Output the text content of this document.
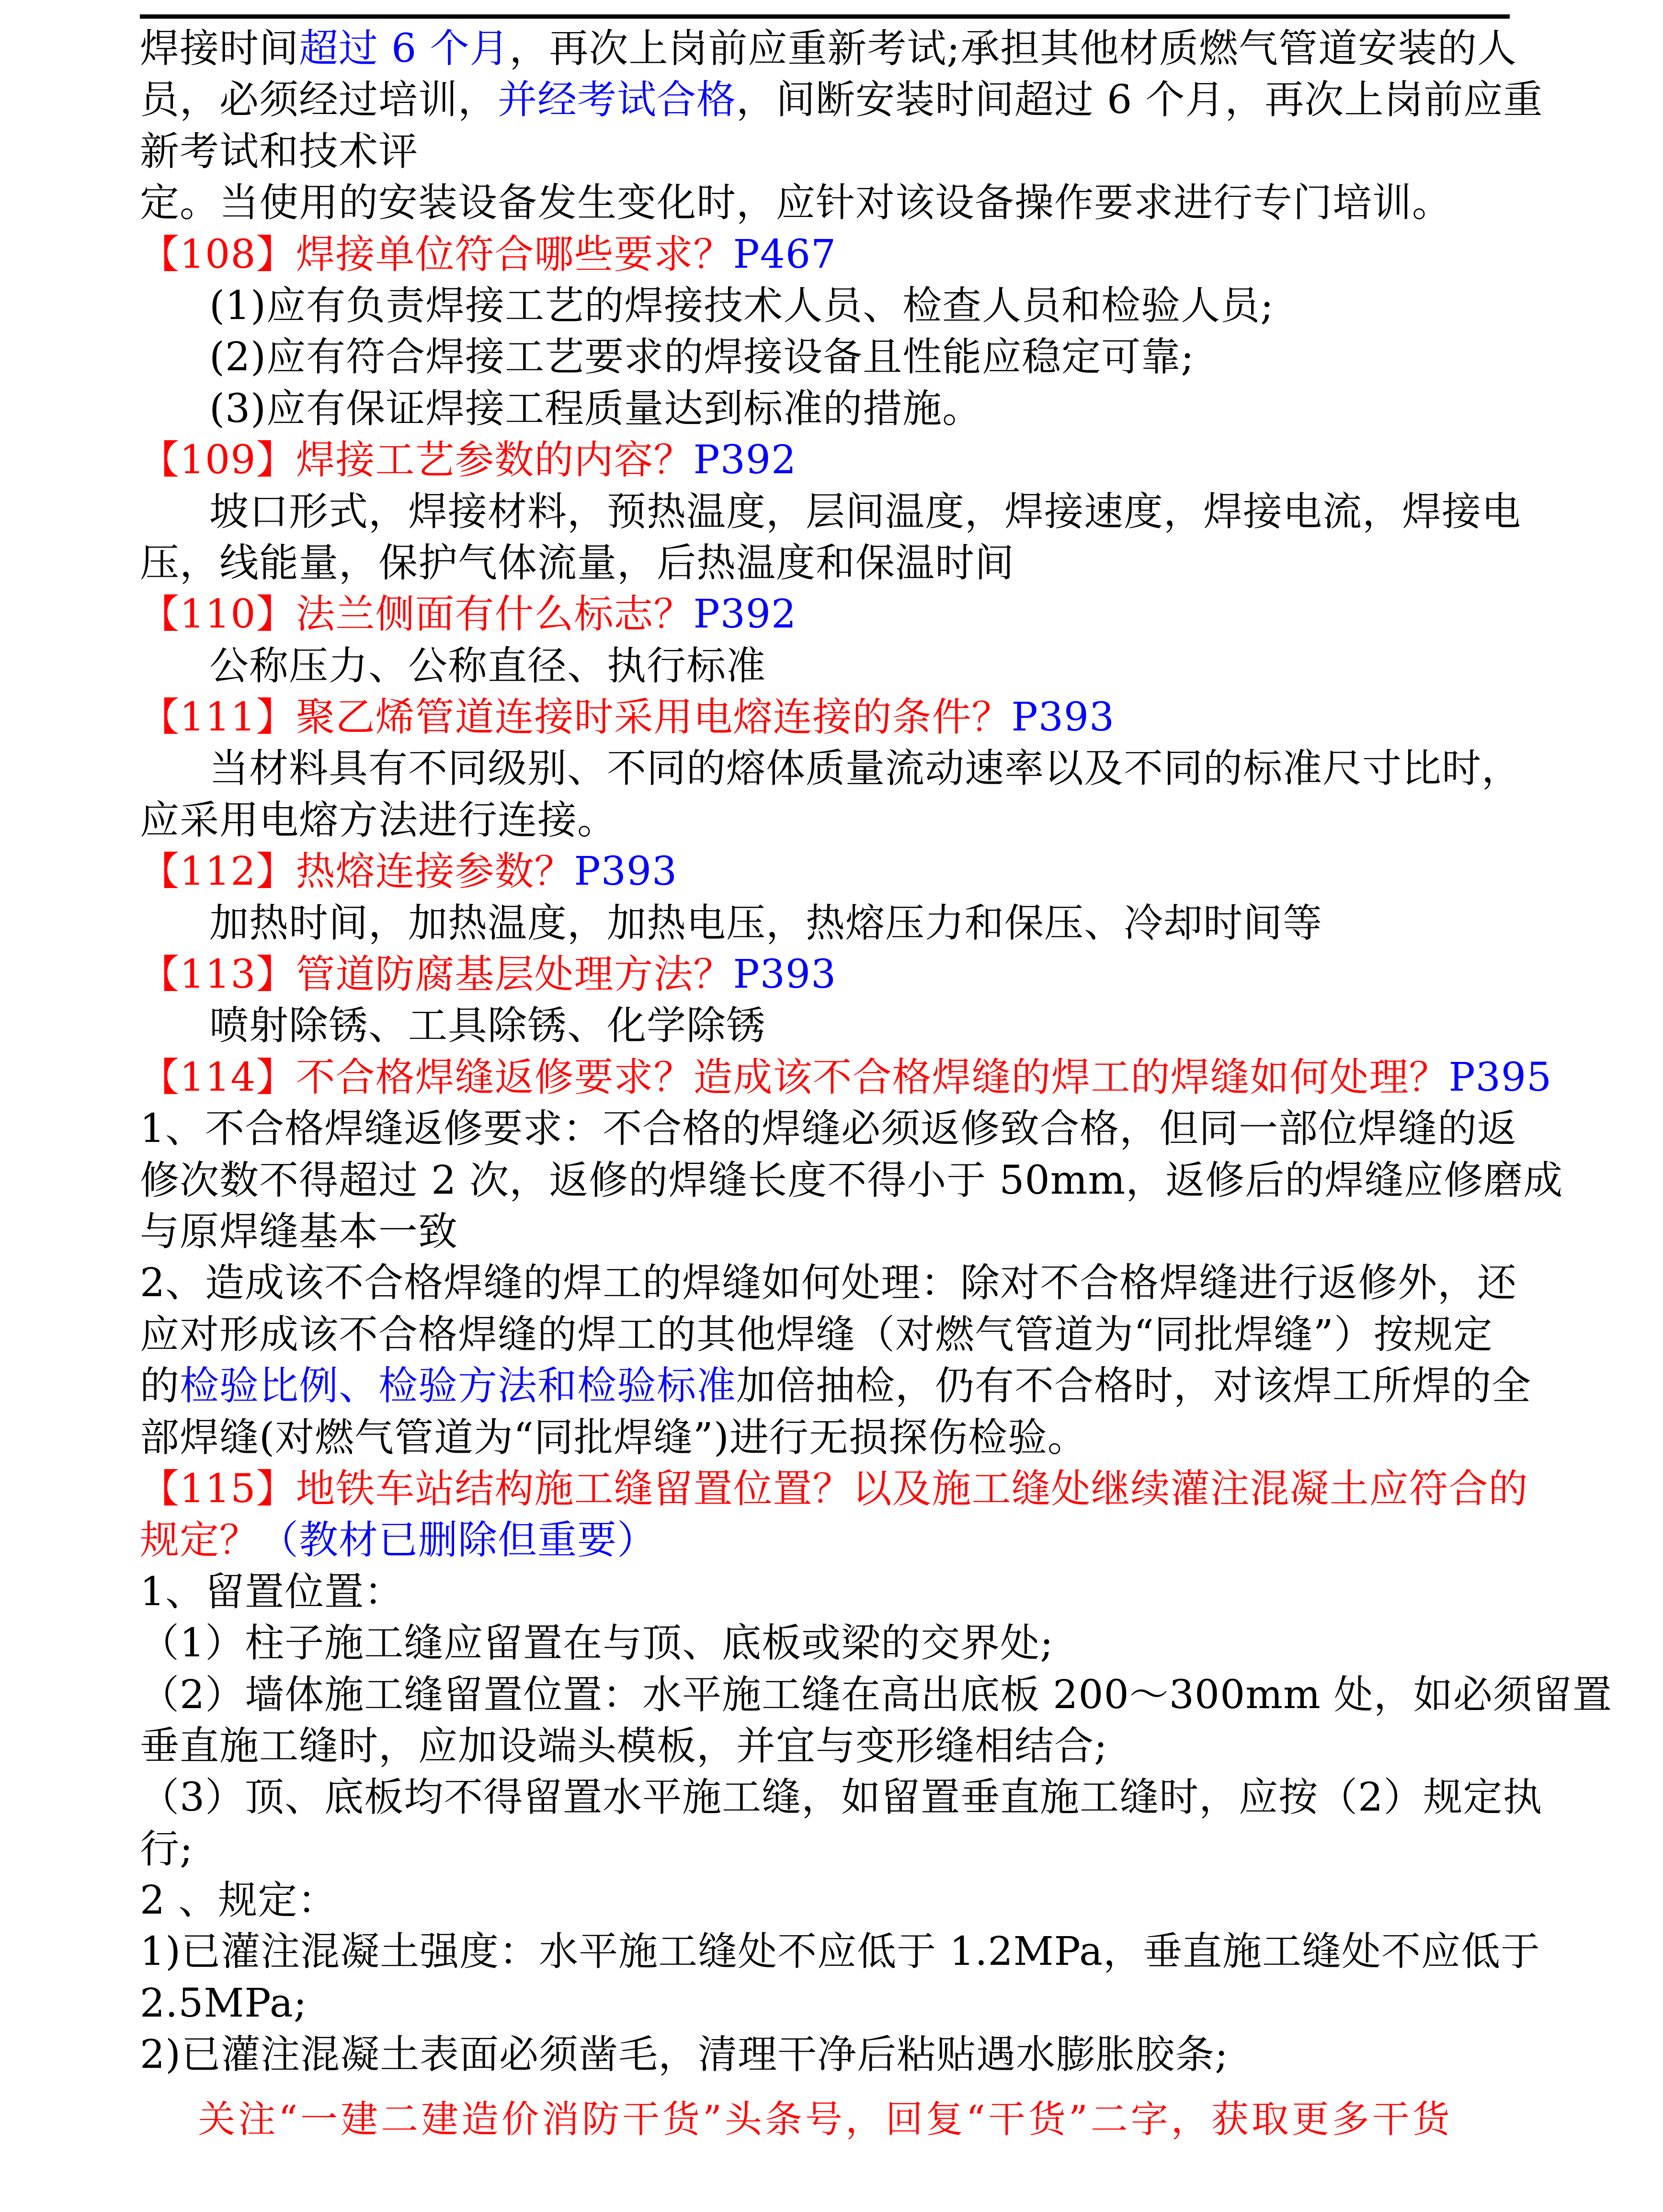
焊接时间超过 6 个月，再次上岗前应重新考试;承担其他材质燃气管道安装的人
员，必须经过培训，并经考试合格，间断安装时间超过 6 个月，再次上岗前应重
新考试和技术评
定。当使用的安装设备发生变化时，应针对该设备操作要求进行专门培训。
【108】焊接单位符合哪些要求？P467
(1)应有负责焊接工艺的焊接技术人员、检查人员和检验人员;
(2)应有符合焊接工艺要求的焊接设备且性能应稳定可靠;
(3)应有保证焊接工程质量达到标准的措施。
【109】焊接工艺参数的内容？P392
坡口形式，焊接材料，预热温度，层间温度，焊接速度，焊接电流，焊接电
压，线能量，保护气体流量，后热温度和保温时间
【110】法兰侧面有什么标志？P392
公称压力、公称直径、执行标准
【111】聚乙烯管道连接时采用电熔连接的条件？P393
当材料具有不同级别、不同的熔体质量流动速率以及不同的标准尺寸比时，
应采用电熔方法进行连接。
【112】热熔连接参数？P393
加热时间，加热温度，加热电压，热熔压力和保压、冷却时间等
【113】管道防腐基层处理方法？P393
喷射除锈、工具除锈、化学除锈
【114】不合格焊缝返修要求？造成该不合格焊缝的焊工的焊缝如何处理？P395
1、不合格焊缝返修要求：不合格的焊缝必须返修致合格，但同一部位焊缝的返
修次数不得超过 2 次，返修的焊缝长度不得小于 50mm，返修后的焊缝应修磨成
与原焊缝基本一致
2、造成该不合格焊缝的焊工的焊缝如何处理：除对不合格焊缝进行返修外，还
应对形成该不合格焊缝的焊工的其他焊缝（对燃气管道为“同批焊缝”）按规定
的检验比例、检验方法和检验标准加倍抽检，仍有不合格时，对该焊工所焊的全
部焊缝(对燃气管道为“同批焊缝”)进行无损探伤检验。
【115】地铁车站结构施工缝留置位置？以及施工缝处继续灌注混凝土应符合的
规定？（教材已删除但重要）
1、留置位置：
（1）柱子施工缝应留置在与顶、底板或梁的交界处;
（2）墙体施工缝留置位置：水平施工缝在高出底板 200～300mm 处，如必须留置
垂直施工缝时，应加设端头模板，并宜与变形缝相结合;
（3）顶、底板均不得留置水平施工缝，如留置垂直施工缝时，应按（2）规定执
行;
2 、规定：
1)已灌注混凝土强度：水平施工缝处不应低于 1.2MPa，垂直施工缝处不应低于
2.5MPa;
2)已灌注混凝土表面必须凿毛，清理干净后粘贴遇水膨胀胶条;
关注“一建二建造价消防干货”头条号，回复“干货”二字，获取更多干货
